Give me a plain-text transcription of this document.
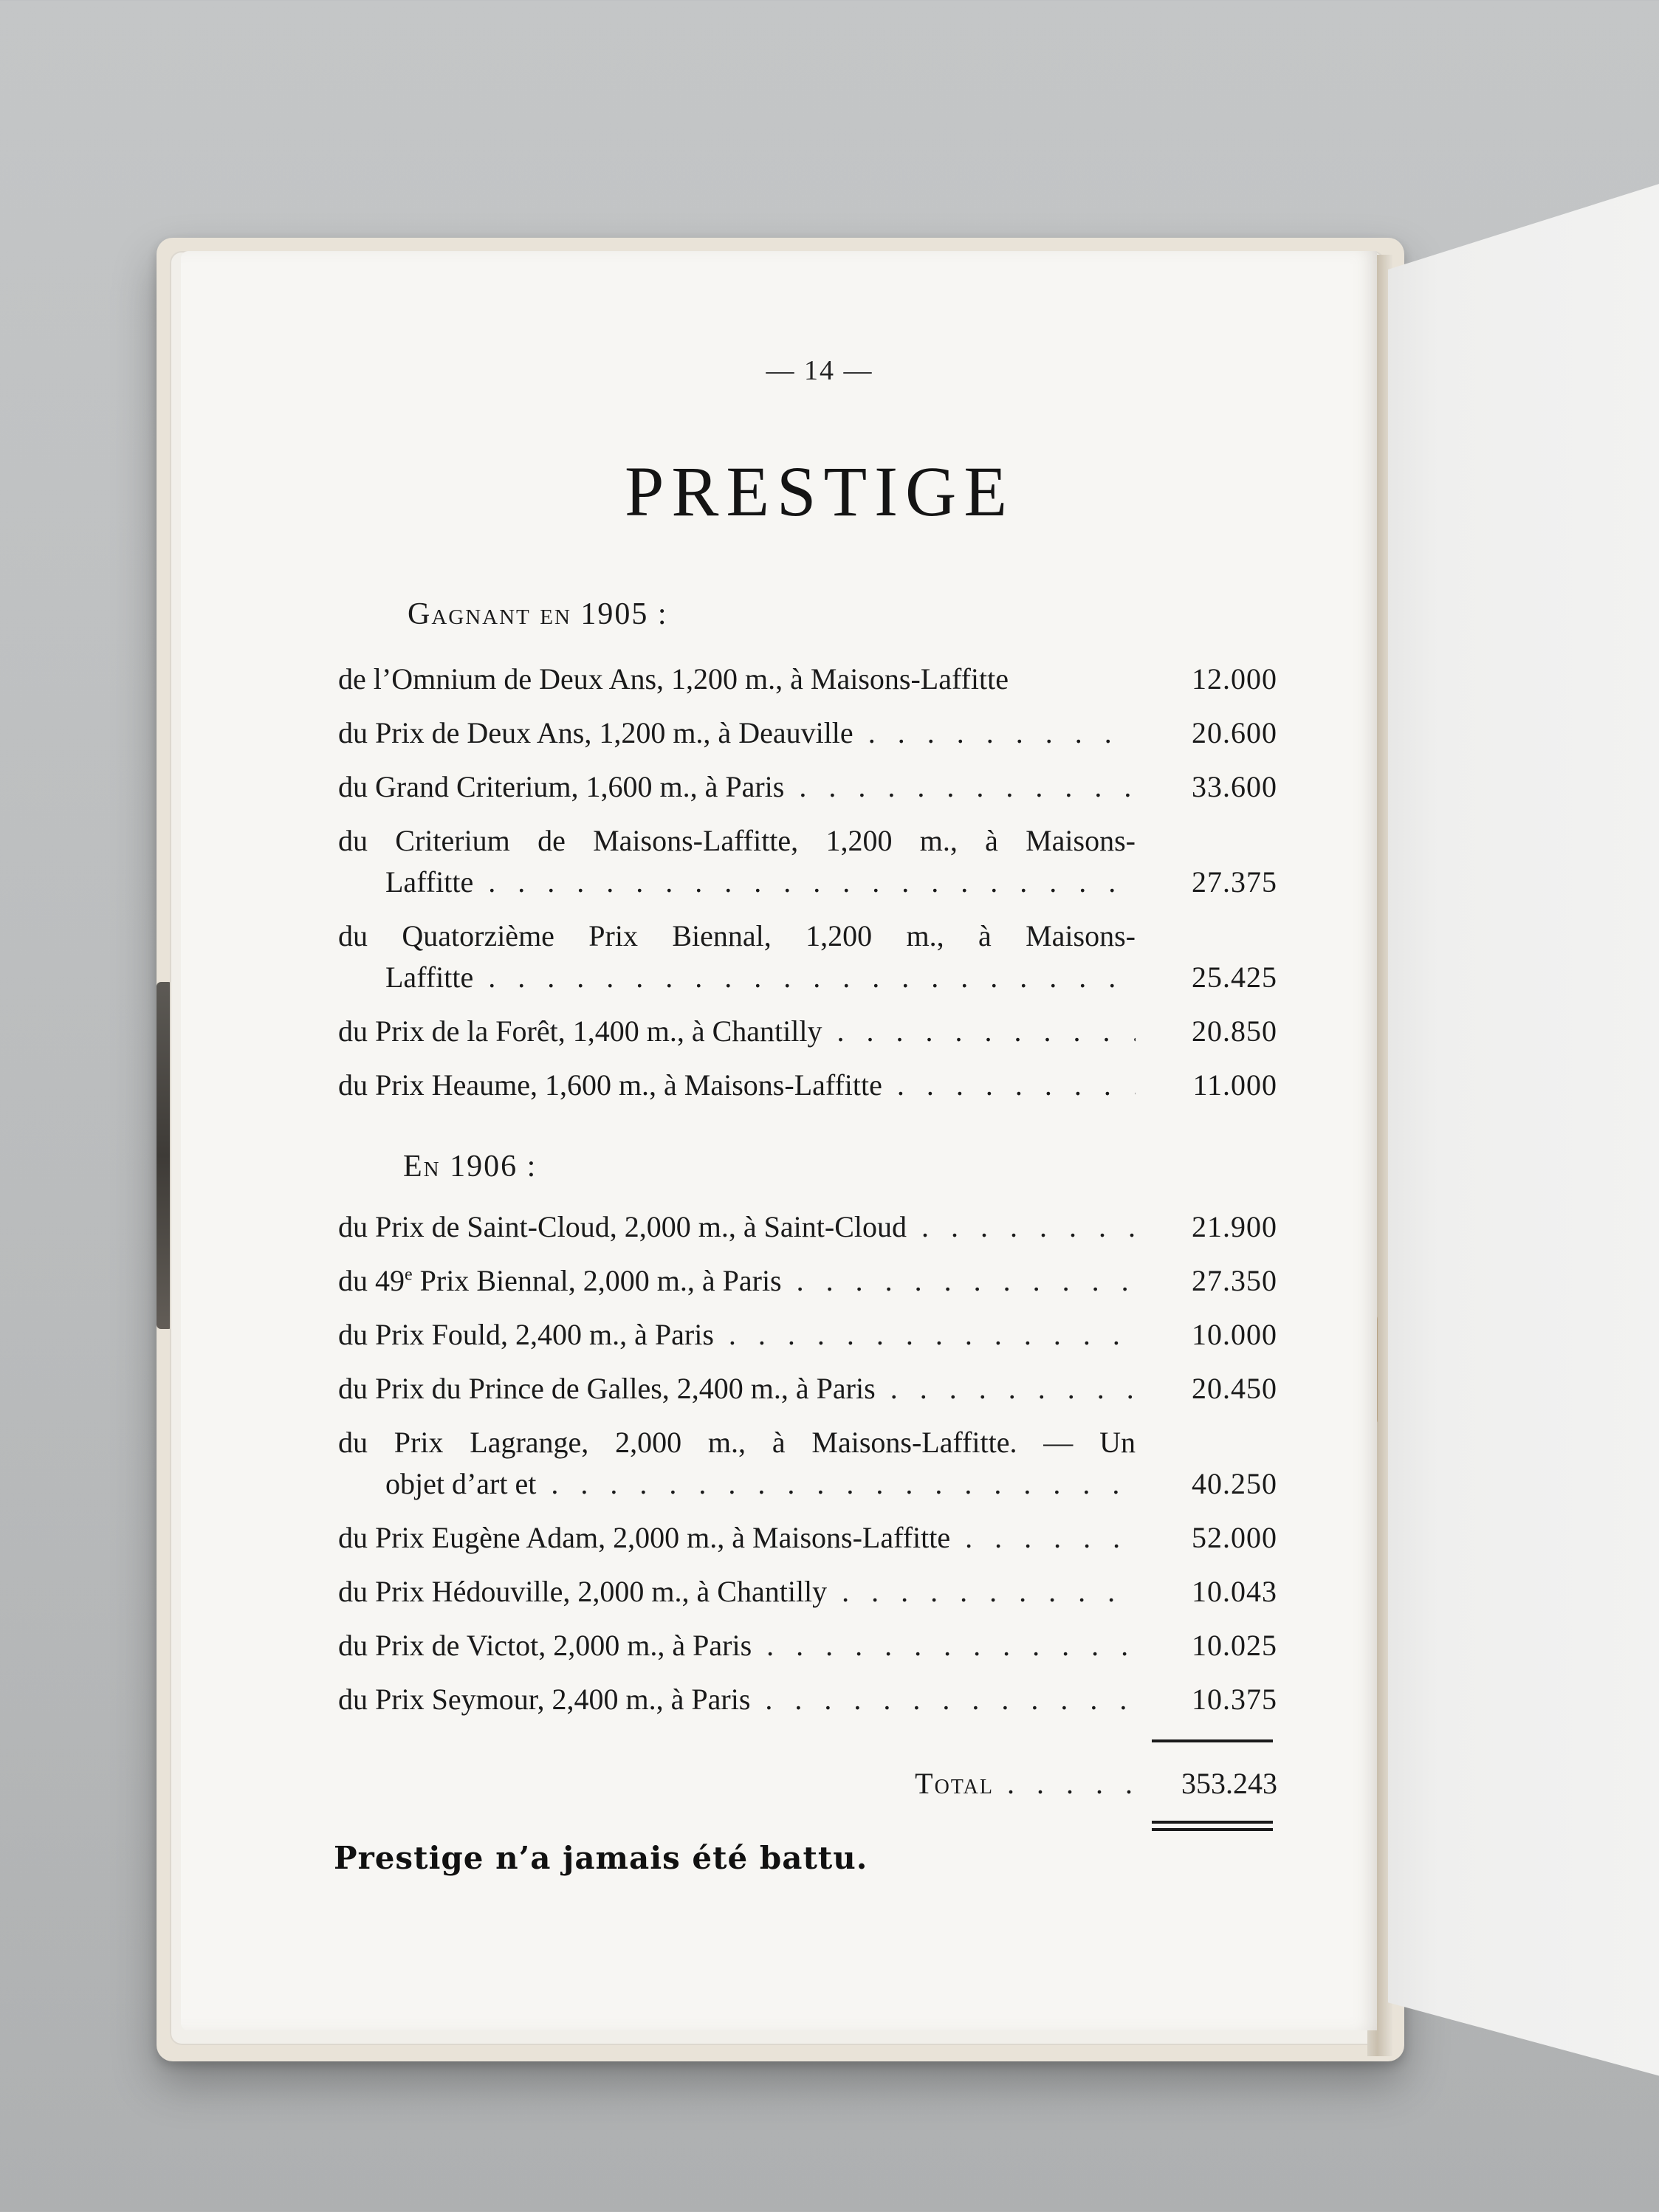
— 14 —
PRESTIGE
Gagnant en 1905 :
de l’Omnium de Deux Ans, 1,200 m., à Maisons-Laffitte	12.000
du Prix de Deux Ans, 1,200 m., à Deauville . . .	20.600
du Grand Criterium, 1,600 m., à Paris . . .	33.600
du Criterium de Maisons-Laffitte, 1,200 m., à Maisons-
Laffitte . . .	27.375
du Quatorzième Prix Biennal, 1,200 m., à Maisons-
Laffitte . . .	25.425
du Prix de la Forêt, 1,400 m., à Chantilly . . .	20.850
du Prix Heaume, 1,600 m., à Maisons-Laffitte . . .	11.000
En 1906 :
du Prix de Saint-Cloud, 2,000 m., à Saint-Cloud . . .	21.900
du 49e Prix Biennal, 2,000 m., à Paris . . .	27.350
du Prix Fould, 2,400 m., à Paris . . .	10.000
du Prix du Prince de Galles, 2,400 m., à Paris . . .	20.450
du Prix Lagrange, 2,000 m., à Maisons-Laffitte. — Un
objet d’art et . . .	40.250
du Prix Eugène Adam, 2,000 m., à Maisons-Laffitte . . .	52.000
du Prix Hédouville, 2,000 m., à Chantilly . . .	10.043
du Prix de Victot, 2,000 m., à Paris . . .	10.025
du Prix Seymour, 2,400 m., à Paris . . .	10.375
Total . . . . .	353.243
Prestige n’a jamais été battu.
